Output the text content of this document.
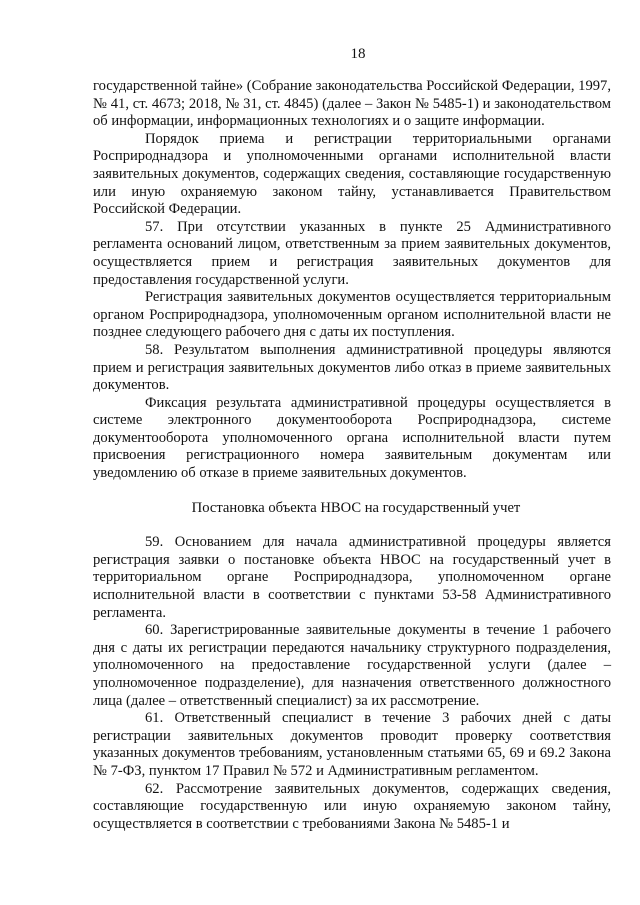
18

государственной тайне» (Собрание законодательства Российской Федерации, 1997, № 41, ст. 4673; 2018, № 31, ст. 4845) (далее – Закон № 5485-1) и законодательством об информации, информационных технологиях и о защите информации.

Порядок приема и регистрации территориальными органами Росприроднадзора и уполномоченными органами исполнительной власти заявительных документов, содержащих сведения, составляющие государственную или иную охраняемую законом тайну, устанавливается Правительством Российской Федерации.

57. При отсутствии указанных в пункте 25 Административного регламента оснований лицом, ответственным за прием заявительных документов, осуществляется прием и регистрация заявительных документов для предоставления государственной услуги.

Регистрация заявительных документов осуществляется территориальным органом Росприроднадзора, уполномоченным органом исполнительной власти не позднее следующего рабочего дня с даты их поступления.

58. Результатом выполнения административной процедуры являются прием и регистрация заявительных документов либо отказ в приеме заявительных документов.

Фиксация результата административной процедуры осуществляется в системе электронного документооборота Росприроднадзора, системе документооборота уполномоченного органа исполнительной власти путем присвоения регистрационного номера заявительным документам или уведомлению об отказе в приеме заявительных документов.

Постановка объекта НВОС на государственный учет

59. Основанием для начала административной процедуры является регистрация заявки о постановке объекта НВОС на государственный учет в территориальном органе Росприроднадзора, уполномоченном органе исполнительной власти в соответствии с пунктами 53-58 Административного регламента.

60. Зарегистрированные заявительные документы в течение 1 рабочего дня с даты их регистрации передаются начальнику структурного подразделения, уполномоченного на предоставление государственной услуги (далее – уполномоченное подразделение), для назначения ответственного должностного лица (далее – ответственный специалист) за их рассмотрение.

61. Ответственный специалист в течение 3 рабочих дней с даты регистрации заявительных документов проводит проверку соответствия указанных документов требованиям, установленным статьями 65, 69 и 69.2 Закона № 7-ФЗ, пунктом 17 Правил № 572 и Административным регламентом.

62. Рассмотрение заявительных документов, содержащих сведения, составляющие государственную или иную охраняемую законом тайну, осуществляется в соответствии с требованиями Закона № 5485-1 и
